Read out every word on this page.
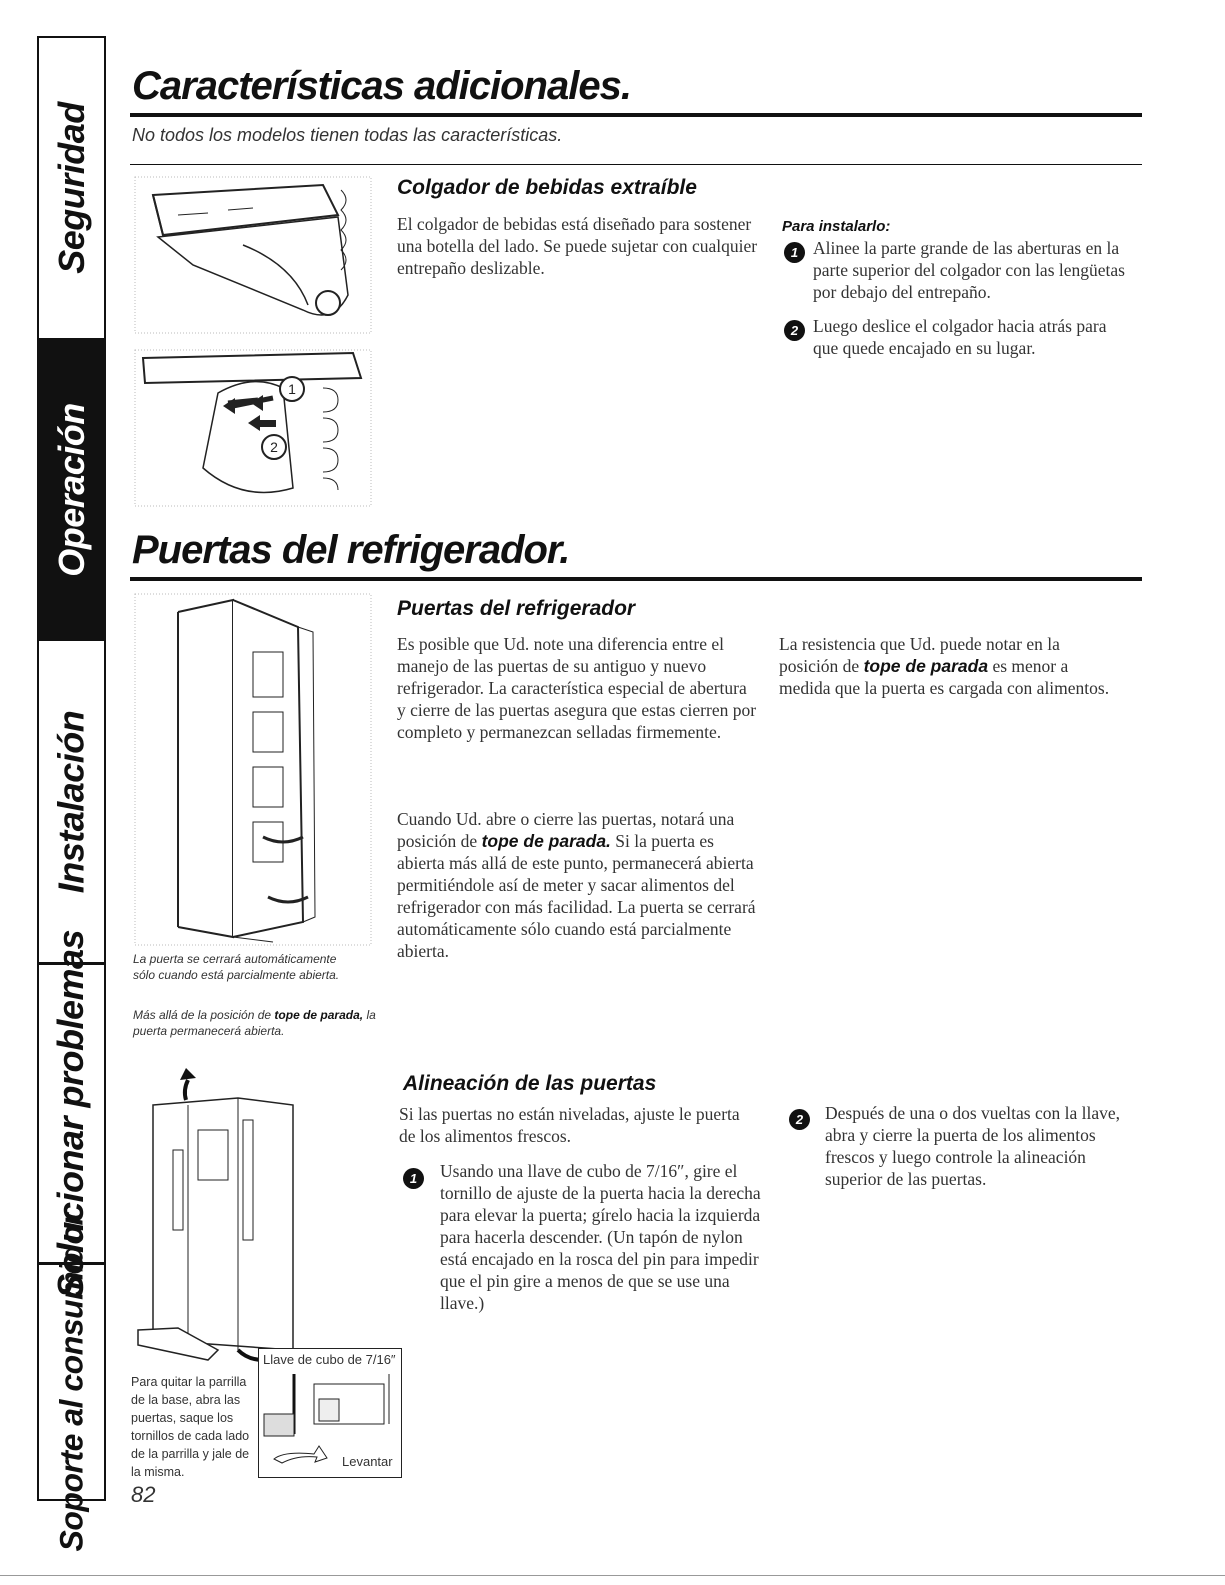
Seguridad
Operación
Instalación
Solucionar problemas
Soporte al consumidor
Características adicionales.
No todos los modelos tienen todas las características.
1
2
Colgador de bebidas extraíble
El colgador de bebidas está diseñado para sostener una botella del lado. Se puede sujetar con cualquier entrepaño deslizable.
Para instalarlo:
1 Alinee la parte grande de las aberturas en la parte superior del colgador con las lengüetas por debajo del entrepaño.
2 Luego deslice el colgador hacia atrás para que quede encajado en su lugar.
Puertas del refrigerador.
La puerta se cerrará automáticamente sólo cuando está parcialmente abierta.
Más allá de la posición de tope de parada, la puerta permanecerá abierta.
Puertas del refrigerador
Es posible que Ud. note una diferencia entre el manejo de las puertas de su antiguo y nuevo refrigerador. La característica especial de abertura y cierre de las puertas asegura que estas cierren por completo y permanezcan selladas firmemente.
Cuando Ud. abre o cierre las puertas, notará una posición de tope de parada. Si la puerta es abierta más allá de este punto, permanecerá abierta permitiéndole así de meter y sacar alimentos del refrigerador con más facilidad. La puerta se cerrará automáticamente sólo cuando está parcialmente abierta.
La resistencia que Ud. puede notar en la posición de tope de parada es menor a medida que la puerta es cargada con alimentos.
Para quitar la parrilla de la base, abra las puertas, saque los tornillos de cada lado de la parrilla y jale de la misma.
Llave de cubo de 7/16″
Levantar
Alineación de las puertas
Si las puertas no están niveladas, ajuste le puerta de los alimentos frescos.
1	Usando una llave de cubo de 7/16″, gire el tornillo de ajuste de la puerta hacia la derecha para elevar la puerta; gírelo hacia la izquierda para hacerla descender. (Un tapón de nylon está encajado en la rosca del pin para impedir que el pin gire a menos de que se use una llave.)
2	Después de una o dos vueltas con la llave, abra y cierre la puerta de los alimentos frescos y luego controle la alineación superior de las puertas.
82
